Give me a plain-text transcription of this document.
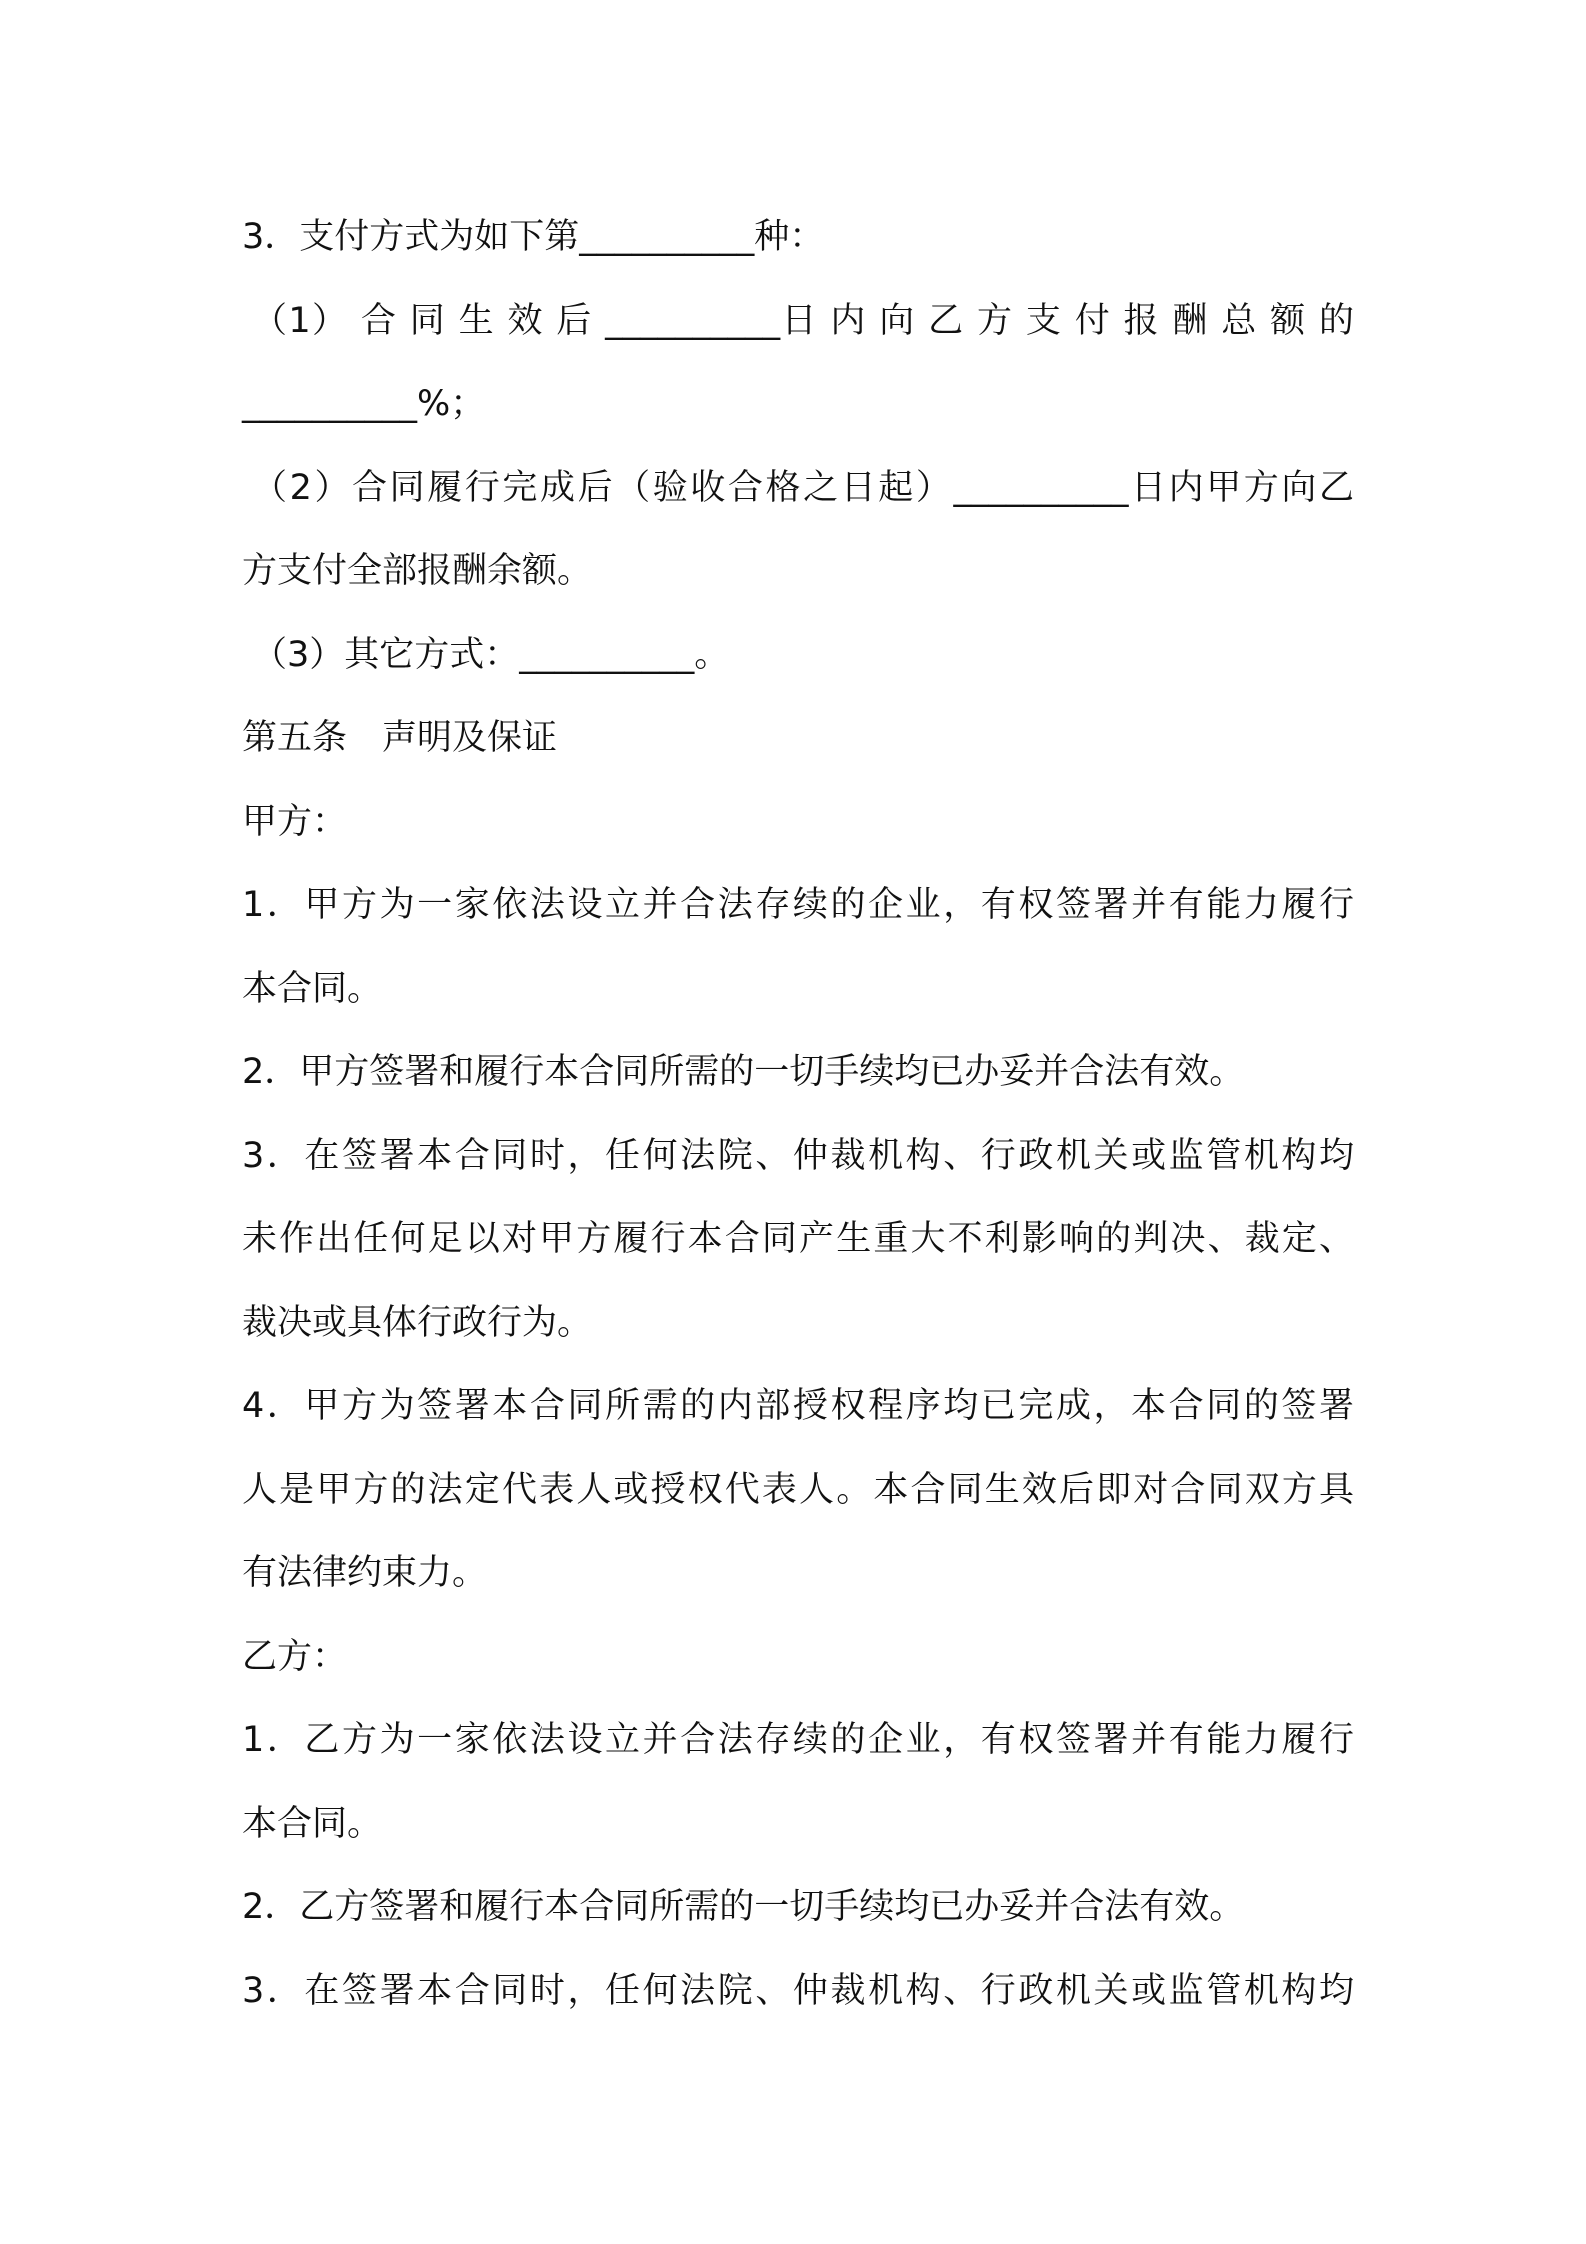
3．支付方式为如下第__________种：
（1） 合 同 生 效 后 __________日 内 向 乙 方 支 付 报 酬 总 额 的
__________%；
（2）合同履行完成后（验收合格之日起）__________日内甲方向乙
方支付全部报酬余额。
（3）其它方式：__________。
第五条　声明及保证
甲方：
1．甲方为一家依法设立并合法存续的企业，有权签署并有能力履行
本合同。
2．甲方签署和履行本合同所需的一切手续均已办妥并合法有效。
3．在签署本合同时，任何法院、仲裁机构、行政机关或监管机构均
未作出任何足以对甲方履行本合同产生重大不利影响的判决、裁定、
裁决或具体行政行为。
4．甲方为签署本合同所需的内部授权程序均已完成，本合同的签署
人是甲方的法定代表人或授权代表人。本合同生效后即对合同双方具
有法律约束力。
乙方：
1．乙方为一家依法设立并合法存续的企业，有权签署并有能力履行
本合同。
2．乙方签署和履行本合同所需的一切手续均已办妥并合法有效。
3．在签署本合同时，任何法院、仲裁机构、行政机关或监管机构均
